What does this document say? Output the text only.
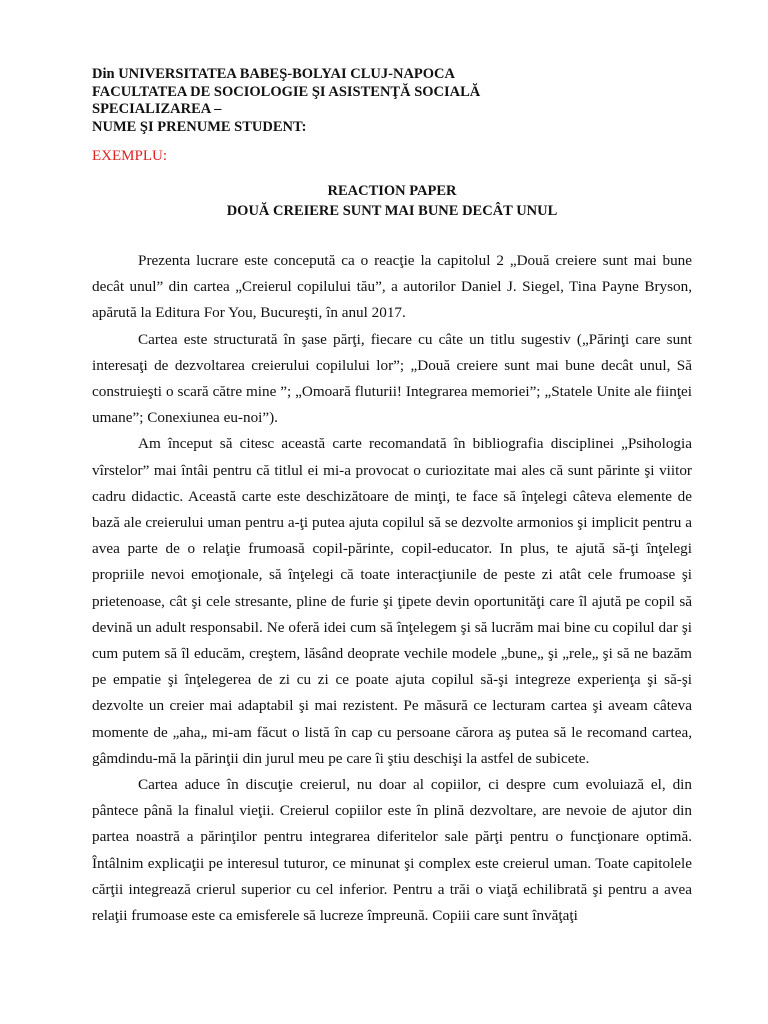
Din UNIVERSITATEA BABEŞ-BOLYAI CLUJ-NAPOCA
FACULTATEA DE SOCIOLOGIE ŞI ASISTENŢĂ SOCIALĂ
SPECIALIZAREA –
NUME ŞI PRENUME STUDENT:
EXEMPLU:
REACTION PAPER
DOUĂ CREIERE SUNT MAI BUNE DECÂT UNUL

Prezenta lucrare este concepută ca o reacţie la capitolul 2 „Două creiere sunt mai bune decât unul” din cartea „Creierul copilului tău”, a autorilor Daniel J. Siegel, Tina Payne Bryson, apărută la Editura For You, Bucureşti, în anul 2017.

Cartea este structurată în şase părţi, fiecare cu câte un titlu sugestiv („Părinţi care sunt interesaţi de dezvoltarea creierului copilului lor”; „Două creiere sunt mai bune decât unul, Să construieşti o scară către mine ”; „Omoară fluturii! Integrarea memoriei”; „Statele Unite ale fiinţei umane”; Conexiunea eu-noi”).

Am început să citesc această carte recomandată în bibliografia disciplinei „Psihologia vîrstelor” mai întâi pentru că titlul ei mi-a provocat o curiozitate mai ales că sunt părinte şi viitor cadru didactic. Această carte este deschizătoare de minţi, te face să înţelegi câteva elemente de bază ale creierului uman pentru a-ţi putea ajuta copilul să se dezvolte armonios şi implicit pentru a avea parte de o relaţie frumoasă copil-părinte, copil-educator. In plus, te ajută să-ţi înţelegi propriile nevoi emoţionale, să înţelegi că toate interacţiunile de peste zi atât cele frumoase şi prietenoase, cât şi cele stresante, pline de furie şi ţipete devin oportunităţi care îl ajută pe copil să devină un adult responsabil. Ne oferă idei cum să înţelegem şi să lucrăm mai bine cu copilul dar şi cum putem să îl educăm, creştem, lăsând deoprate vechile modele „bune„ şi „rele„ şi să ne bazăm pe empatie şi înţelegerea de zi cu zi ce poate ajuta copilul să-şi integreze experienţa şi să-şi dezvolte un creier mai adaptabil şi mai rezistent. Pe măsură ce lecturam cartea şi aveam câteva momente de „aha„ mi-am făcut o listă în cap cu persoane cărora aş putea să le recomand cartea, gâmdindu-mă la părinţii din jurul meu pe care îi ştiu deschişi la astfel de subicete.

Cartea aduce în discuţie creierul, nu doar al copiilor, ci despre cum evoluiază el, din pântece până la finalul vieţii. Creierul copiilor este în plină dezvoltare, are nevoie de ajutor din partea noastră a părinţilor pentru integrarea diferitelor sale părţi pentru o funcţionare optimă. Întâlnim explicaţii pe interesul tuturor, ce minunat şi complex este creierul uman. Toate capitolele cărţii integrează crierul superior cu cel inferior. Pentru a trăi o viaţă echilibrată şi pentru a avea relaţii frumoase este ca emisferele să lucreze împreună. Copiii care sunt învăţaţi
